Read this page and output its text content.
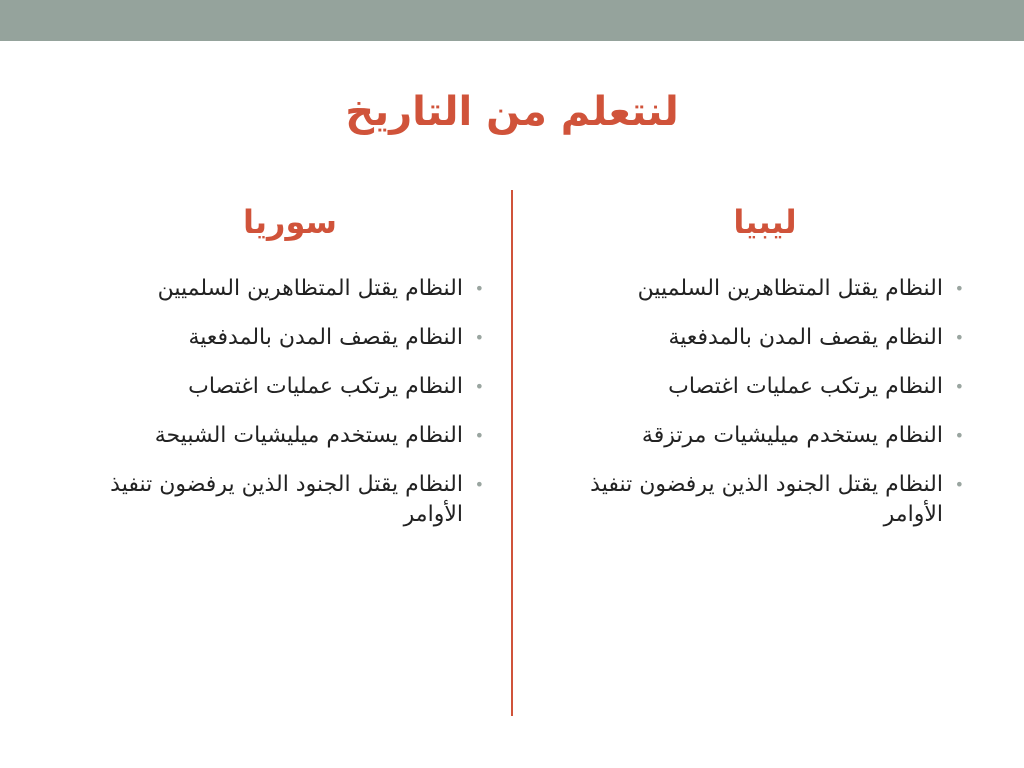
لنتعلم من التاريخ
ليبيا
•
النظام يقتل المتظاهرين السلميين
•
النظام يقصف المدن بالمدفعية
•
النظام يرتكب عمليات اغتصاب
•
النظام يستخدم ميليشيات مرتزقة
•
النظام يقتل الجنود الذين يرفضون تنفيذ الأوامر
سوريا
•
النظام يقتل المتظاهرين السلميين
•
النظام يقصف المدن بالمدفعية
•
النظام يرتكب عمليات اغتصاب
•
النظام يستخدم ميليشيات الشبيحة
•
النظام يقتل الجنود الذين يرفضون تنفيذ الأوامر
